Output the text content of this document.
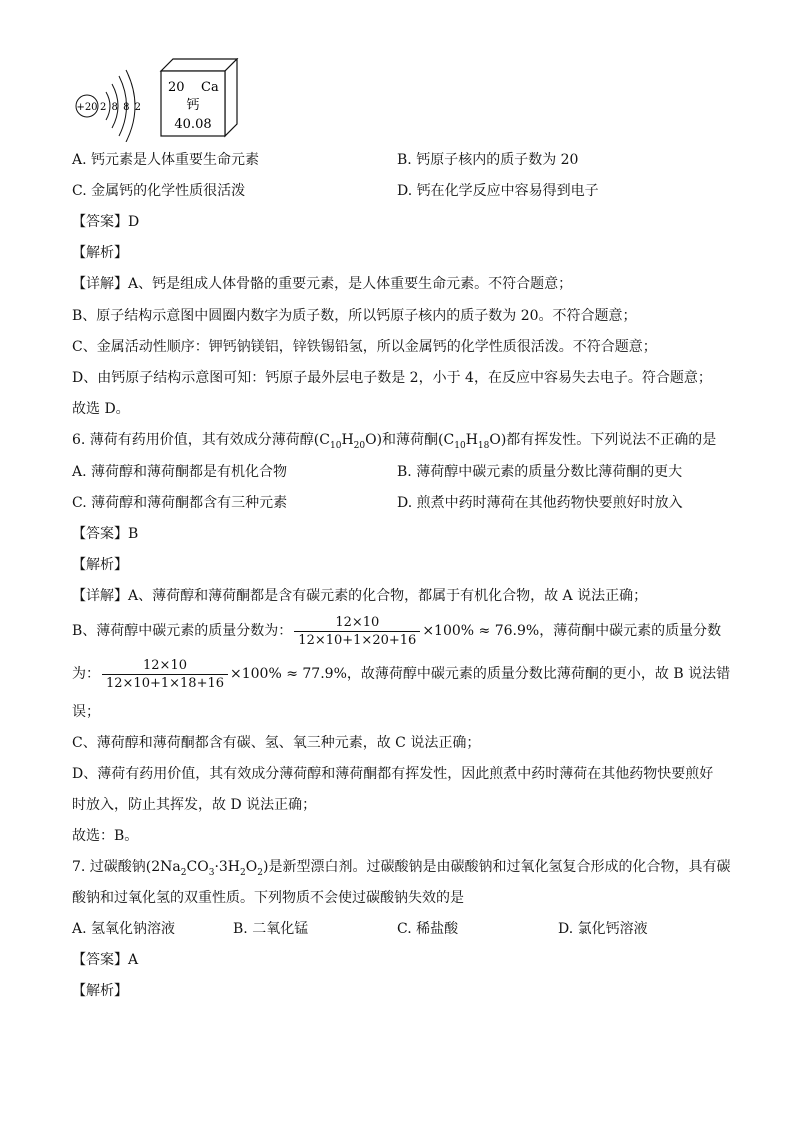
+20 2 8 8 2
20 Ca
钙
40.08
A. 钙元素是人体重要生命元素	B. 钙原子核内的质子数为 20
C. 金属钙的化学性质很活泼	D. 钙在化学反应中容易得到电子
【答案】D
【解析】
【详解】A、钙是组成人体骨骼的重要元素，是人体重要生命元素。不符合题意；
B、原子结构示意图中圆圈内数字为质子数，所以钙原子核内的质子数为 20。不符合题意；
C、金属活动性顺序：钾钙钠镁铝，锌铁锡铅氢，所以金属钙的化学性质很活泼。不符合题意；
D、由钙原子结构示意图可知：钙原子最外层电子数是 2，小于 4，在反应中容易失去电子。符合题意；
故选 D。
6. 薄荷有药用价值，其有效成分薄荷醇$(C_{10}H_{20}O)$和薄荷酮$(C_{10}H_{18}O)$都有挥发性。下列说法不正确的是
A. 薄荷醇和薄荷酮都是有机化合物	B. 薄荷醇中碳元素的质量分数比薄荷酮的更大
C. 薄荷醇和薄荷酮都含有三种元素	D. 煎煮中药时薄荷在其他药物快要煎好时放入
【答案】B
【解析】
【详解】A、薄荷醇和薄荷酮都是含有碳元素的化合物，都属于有机化合物，故 A 说法正确；
B、薄荷醇中碳元素的质量分数为： $\frac{12\times 10}{12\times 10+1\times 20+16} \times 100\% \approx 76.9\%$，薄荷酮中碳元素的质量分数
为： $\frac{12\times 10}{12\times 10+1\times 18+16} \times 100\% \approx 77.9\%$，故薄荷醇中碳元素的质量分数比薄荷酮的更小，故 B 说法错
误；
C、薄荷醇和薄荷酮都含有碳、氢、氧三种元素，故 C 说法正确；
D、薄荷有药用价值，其有效成分薄荷醇和薄荷酮都有挥发性，因此煎煮中药时薄荷在其他药物快要煎好
时放入，防止其挥发，故 D 说法正确；
故选：B。
7. 过碳酸钠$(2Na_2CO_3\cdot 3H_2O_2)$是新型漂白剂。过碳酸钠是由碳酸钠和过氧化氢复合形成的化合物，具有碳
酸钠和过氧化氢的双重性质。下列物质不会使过碳酸钠失效的是
A. 氢氧化钠溶液	B. 二氧化锰	C. 稀盐酸	D. 氯化钙溶液
【答案】A
【解析】
